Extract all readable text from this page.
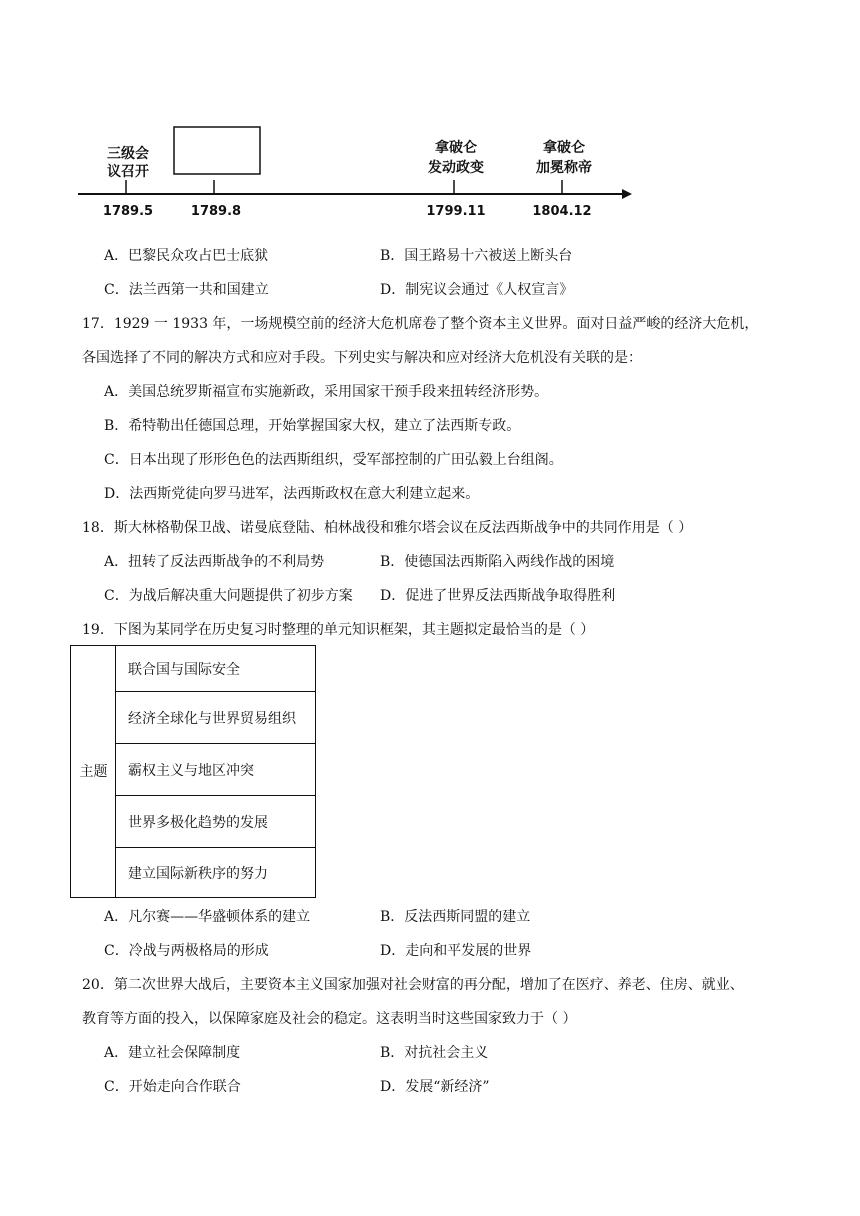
三级会
议召开
拿破仑
发动政变
拿破仑
加冕称帝
1789.5	1789.8	1799.11	1804.12
A．巴黎民众攻占巴士底狱	B．国王路易十六被送上断头台
C．法兰西第一共和国建立	D．制宪议会通过《人权宣言》
17．1929 一 1933 年，一场规模空前的经济大危机席卷了整个资本主义世界。面对日益严峻的经济大危机，
各国选择了不同的解决方式和应对手段。下列史实与解决和应对经济大危机没有关联的是：
A．美国总统罗斯福宣布实施新政，采用国家干预手段来扭转经济形势。
B．希特勒出任德国总理，开始掌握国家大权，建立了法西斯专政。
C．日本出现了形形色色的法西斯组织，受军部控制的广田弘毅上台组阁。
D．法西斯党徒向罗马进军，法西斯政权在意大利建立起来。
18．斯大林格勒保卫战、诺曼底登陆、柏林战役和雅尔塔会议在反法西斯战争中的共同作用是（ ）
A．扭转了反法西斯战争的不利局势	B．使德国法西斯陷入两线作战的困境
C．为战后解决重大问题提供了初步方案 D．促进了世界反法西斯战争取得胜利
19．下图为某同学在历史复习时整理的单元知识框架，其主题拟定最恰当的是（ ）
主题
联合国与国际安全
经济全球化与世界贸易组织
霸权主义与地区冲突
世界多极化趋势的发展
建立国际新秩序的努力
A．凡尔赛——华盛顿体系的建立	B．反法西斯同盟的建立
C．冷战与两极格局的形成	D．走向和平发展的世界
20．第二次世界大战后，主要资本主义国家加强对社会财富的再分配，增加了在医疗、养老、住房、就业、
教育等方面的投入，以保障家庭及社会的稳定。这表明当时这些国家致力于（ ）
A．建立社会保障制度	B．对抗社会主义
C．开始走向合作联合	D．发展“新经济”
